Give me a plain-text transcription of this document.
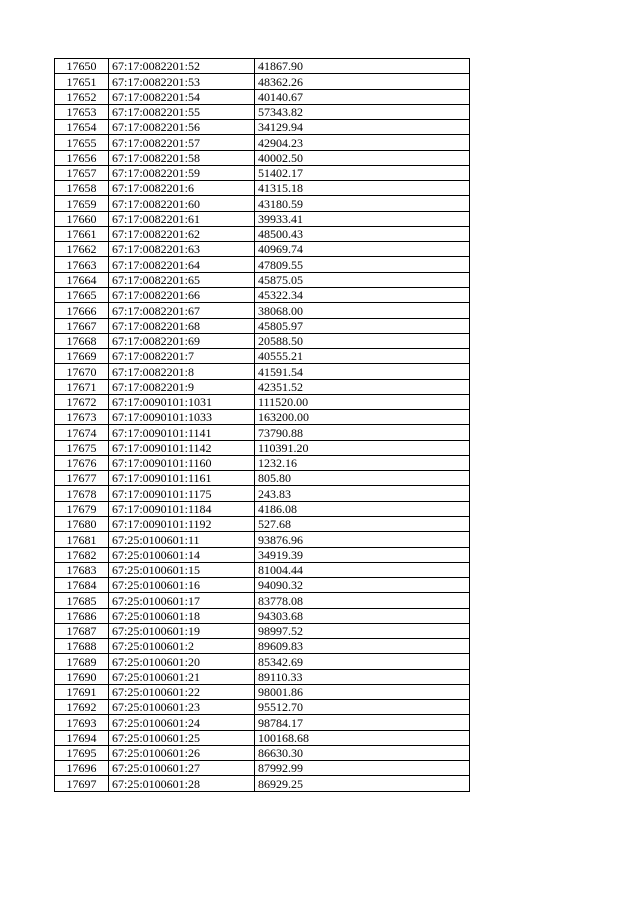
17650	67:17:0082201:52	41867.90
17651	67:17:0082201:53	48362.26
17652	67:17:0082201:54	40140.67
17653	67:17:0082201:55	57343.82
17654	67:17:0082201:56	34129.94
17655	67:17:0082201:57	42904.23
17656	67:17:0082201:58	40002.50
17657	67:17:0082201:59	51402.17
17658	67:17:0082201:6	41315.18
17659	67:17:0082201:60	43180.59
17660	67:17:0082201:61	39933.41
17661	67:17:0082201:62	48500.43
17662	67:17:0082201:63	40969.74
17663	67:17:0082201:64	47809.55
17664	67:17:0082201:65	45875.05
17665	67:17:0082201:66	45322.34
17666	67:17:0082201:67	38068.00
17667	67:17:0082201:68	45805.97
17668	67:17:0082201:69	20588.50
17669	67:17:0082201:7	40555.21
17670	67:17:0082201:8	41591.54
17671	67:17:0082201:9	42351.52
17672	67:17:0090101:1031	111520.00
17673	67:17:0090101:1033	163200.00
17674	67:17:0090101:1141	73790.88
17675	67:17:0090101:1142	110391.20
17676	67:17:0090101:1160	1232.16
17677	67:17:0090101:1161	805.80
17678	67:17:0090101:1175	243.83
17679	67:17:0090101:1184	4186.08
17680	67:17:0090101:1192	527.68
17681	67:25:0100601:11	93876.96
17682	67:25:0100601:14	34919.39
17683	67:25:0100601:15	81004.44
17684	67:25:0100601:16	94090.32
17685	67:25:0100601:17	83778.08
17686	67:25:0100601:18	94303.68
17687	67:25:0100601:19	98997.52
17688	67:25:0100601:2	89609.83
17689	67:25:0100601:20	85342.69
17690	67:25:0100601:21	89110.33
17691	67:25:0100601:22	98001.86
17692	67:25:0100601:23	95512.70
17693	67:25:0100601:24	98784.17
17694	67:25:0100601:25	100168.68
17695	67:25:0100601:26	86630.30
17696	67:25:0100601:27	87992.99
17697	67:25:0100601:28	86929.25
